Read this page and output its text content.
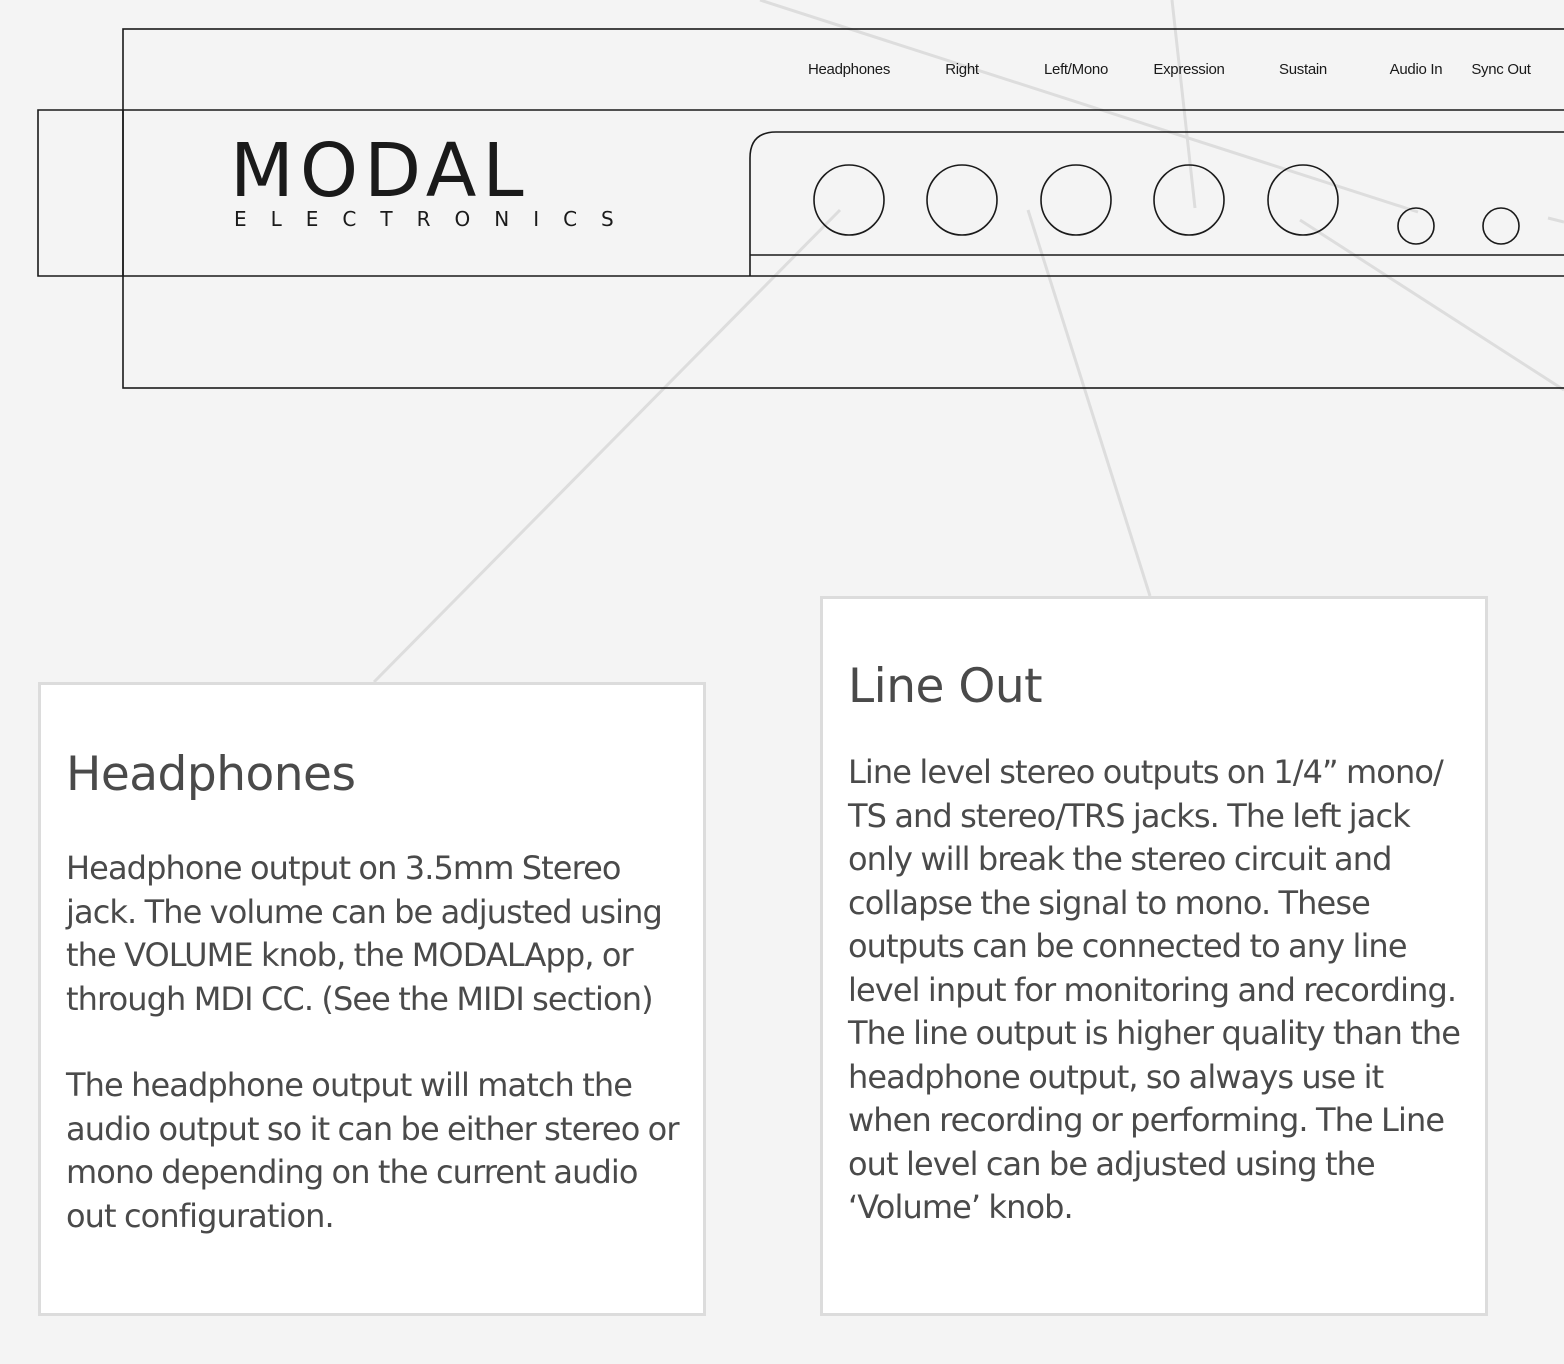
MODAL
ELECTRONICS
Headphones	Right	Left/Mono	Expression	Sustain	Audio In Sync Out
Headphones
Headphone output on 3.5mm Stereo jack. The volume can be adjusted using the VOLUME knob, the MODALApp, or through MDI CC. (See the MIDI section)
The headphone output will match the audio output so it can be either stereo or mono depending on the current audio out configuration.
Line Out
Line level stereo outputs on 1/4” mono/ TS and stereo/TRS jacks. The left jack only will break the stereo circuit and collapse the signal to mono. These outputs can be connected to any line level input for monitoring and recording. The line output is higher quality than the headphone output, so always use it when recording or performing. The Line out level can be adjusted using the ‘Volume’ knob.
